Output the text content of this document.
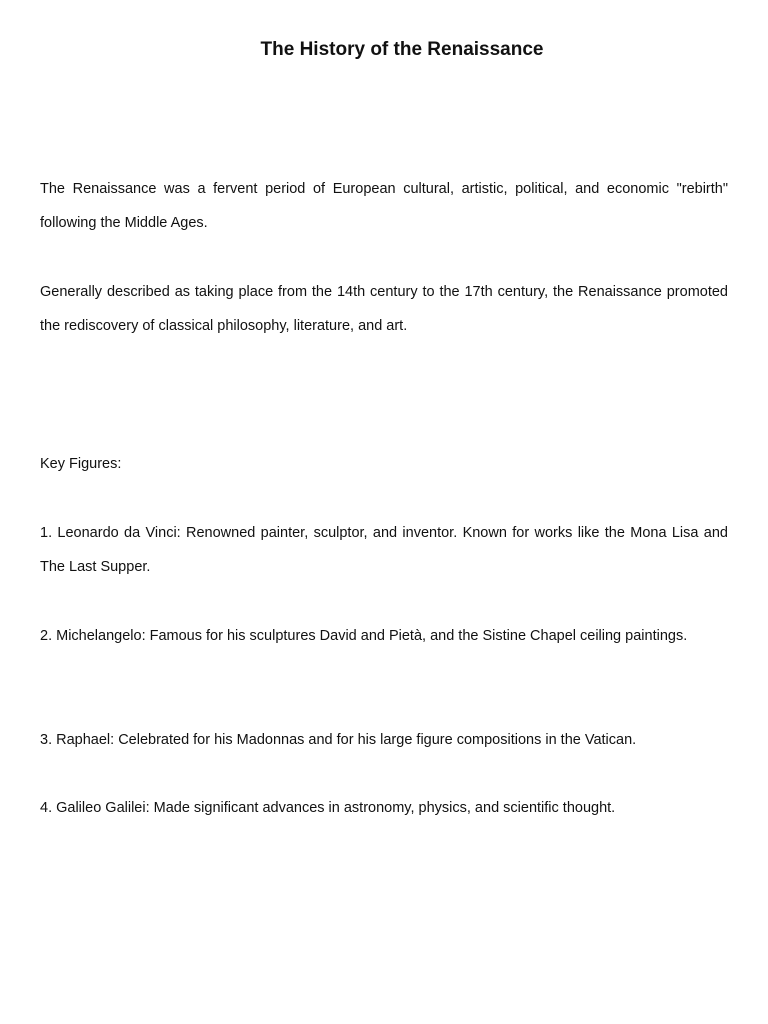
The History of the Renaissance

The Renaissance was a fervent period of European cultural, artistic, political, and economic "rebirth" following the Middle Ages.

Generally described as taking place from the 14th century to the 17th century, the Renaissance promoted the rediscovery of classical philosophy, literature, and art.

Key Figures:

1. Leonardo da Vinci: Renowned painter, sculptor, and inventor. Known for works like the Mona Lisa and The Last Supper.

2. Michelangelo: Famous for his sculptures David and Pietà, and the Sistine Chapel ceiling paintings.

3. Raphael: Celebrated for his Madonnas and for his large figure compositions in the Vatican.

4. Galileo Galilei: Made significant advances in astronomy, physics, and scientific thought.
